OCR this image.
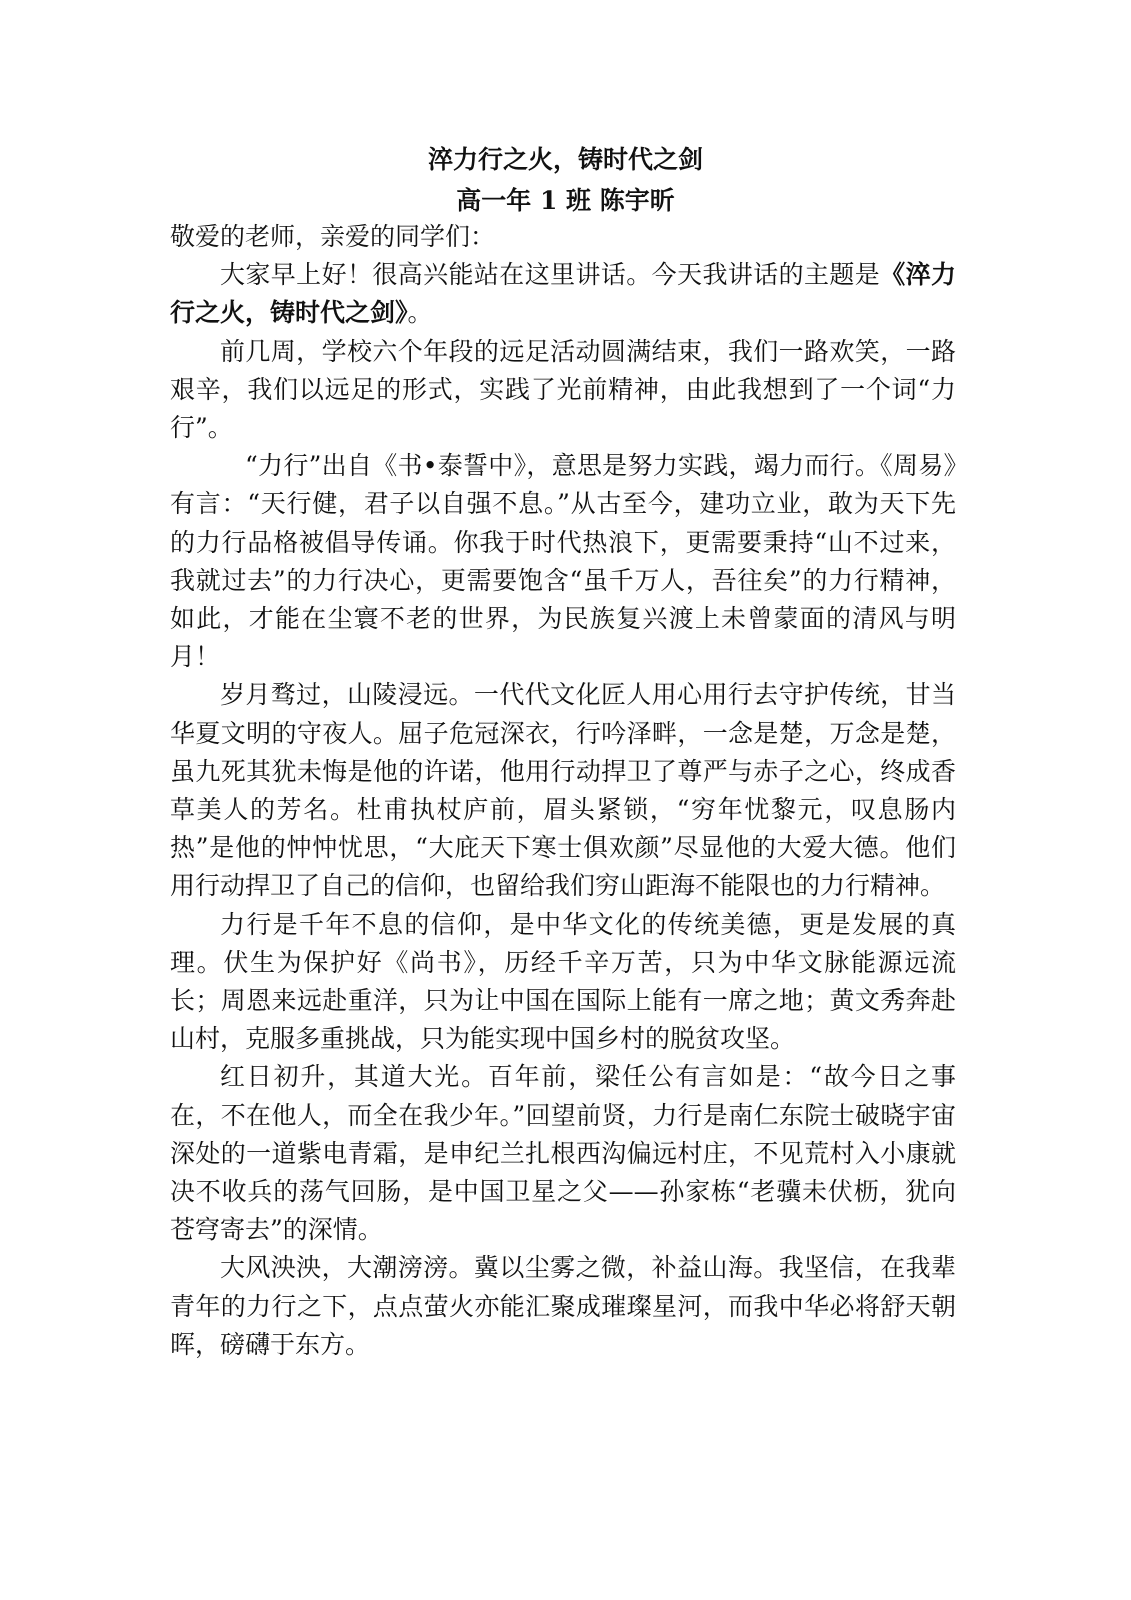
淬力行之火，铸时代之剑
高一年 1 班 陈宇昕

敬爱的老师，亲爱的同学们：

大家早上好！很高兴能站在这里讲话。今天我讲话的主题是《淬力行之火，铸时代之剑》。

前几周，学校六个年段的远足活动圆满结束，我们一路欢笑，一路艰辛，我们以远足的形式，实践了光前精神，由此我想到了一个词“力行”。

“力行”出自《书•泰誓中》，意思是努力实践，竭力而行。《周易》有言：“天行健，君子以自强不息。”从古至今，建功立业，敢为天下先的力行品格被倡导传诵。你我于时代热浪下，更需要秉持“山不过来，我就过去”的力行决心，更需要饱含“虽千万人，吾往矣”的力行精神，如此，才能在尘寰不老的世界，为民族复兴渡上未曾蒙面的清风与明月！

岁月骛过，山陵浸远。一代代文化匠人用心用行去守护传统，甘当华夏文明的守夜人。屈子危冠深衣，行吟泽畔，一念是楚，万念是楚，虽九死其犹未悔是他的许诺，他用行动捍卫了尊严与赤子之心，终成香草美人的芳名。杜甫执杖庐前，眉头紧锁，“穷年忧黎元，叹息肠内热”是他的忡忡忧思，“大庇天下寒士俱欢颜”尽显他的大爱大德。他们用行动捍卫了自己的信仰，也留给我们穷山距海不能限也的力行精神。

力行是千年不息的信仰，是中华文化的传统美德，更是发展的真理。伏生为保护好《尚书》，历经千辛万苦，只为中华文脉能源远流长；周恩来远赴重洋，只为让中国在国际上能有一席之地；黄文秀奔赴山村，克服多重挑战，只为能实现中国乡村的脱贫攻坚。

红日初升，其道大光。百年前，梁任公有言如是：“故今日之事在，不在他人，而全在我少年。”回望前贤，力行是南仁东院士破晓宇宙深处的一道紫电青霜，是申纪兰扎根西沟偏远村庄，不见荒村入小康就决不收兵的荡气回肠，是中国卫星之父——孙家栋“老骥未伏枥，犹向苍穹寄去”的深情。

大风泱泱，大潮滂滂。冀以尘雾之微，补益山海。我坚信，在我辈青年的力行之下，点点萤火亦能汇聚成璀璨星河，而我中华必将舒天朝晖，磅礴于东方。
